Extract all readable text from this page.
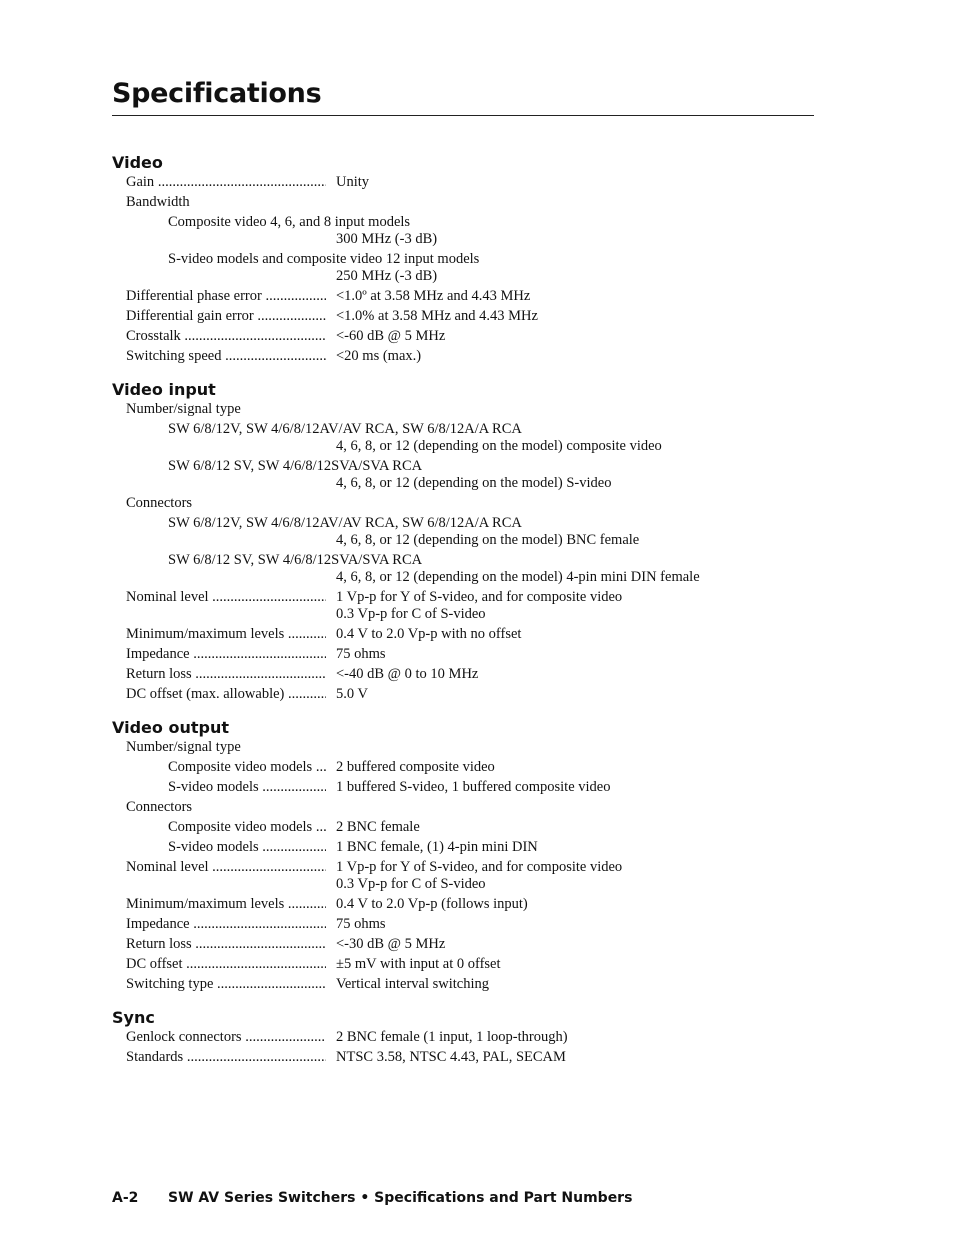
Specifications
Video
Gain .....	Unity
Bandwidth
Composite video 4, 6, and 8 input models
300 MHz (-3 dB)
S-video models and composite video 12 input models
250 MHz (-3 dB)
Differential phase error .....	<1.0º at 3.58 MHz and 4.43 MHz
Differential gain error .....	<1.0% at 3.58 MHz and 4.43 MHz
Crosstalk .....	<-60 dB @ 5 MHz
Switching speed .....	<20 ms (max.)
Video input
Number/signal type
SW 6/8/12V, SW 4/6/8/12AV/AV RCA, SW 6/8/12A/A RCA
4, 6, 8, or 12 (depending on the model) composite video
SW 6/8/12 SV, SW 4/6/8/12SVA/SVA RCA
4, 6, 8, or 12 (depending on the model) S-video
Connectors
SW 6/8/12V, SW 4/6/8/12AV/AV RCA, SW 6/8/12A/A RCA
4, 6, 8, or 12 (depending on the model) BNC female
SW 6/8/12 SV, SW 4/6/8/12SVA/SVA RCA
4, 6, 8, or 12 (depending on the model) 4-pin mini DIN female
Nominal level .....	1 Vp-p for Y of S-video, and for composite video
0.3 Vp-p for C of S-video
Minimum/maximum levels .....	0.4 V to 2.0 Vp-p with no offset
Impedance .....	75 ohms
Return loss .....	<-40 dB @ 0 to 10 MHz
DC offset (max. allowable) .....	5.0 V
Video output
Number/signal type
Composite video models .....	2 buffered composite video
S-video models .....	1 buffered S-video, 1 buffered composite video
Connectors
Composite video models .....	2 BNC female
S-video models .....	1 BNC female, (1) 4-pin mini DIN
Nominal level .....	1 Vp-p for Y of S-video, and for composite video
0.3 Vp-p for C of S-video
Minimum/maximum levels .....	0.4 V to 2.0 Vp-p (follows input)
Impedance .....	75 ohms
Return loss .....	<-30 dB @ 5 MHz
DC offset .....	±5 mV with input at 0 offset
Switching type .....	Vertical interval switching
Sync
Genlock connectors .....	2 BNC female (1 input, 1 loop-through)
Standards .....	NTSC 3.58, NTSC 4.43, PAL, SECAM
A-2 SW AV Series Switchers • Specifications and Part Numbers
